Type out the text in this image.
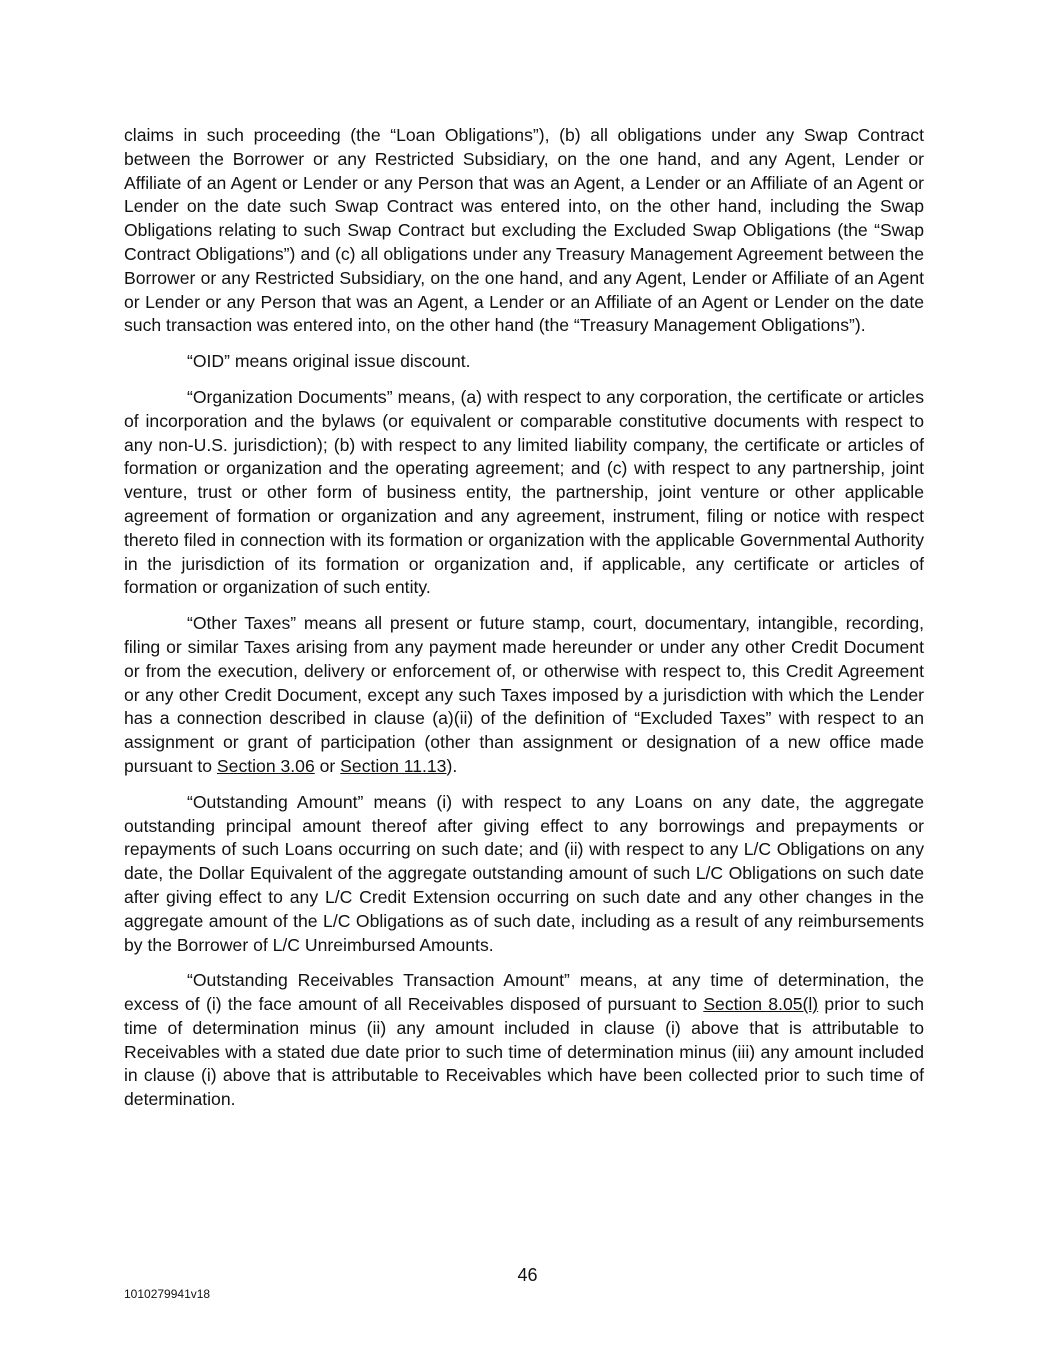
claims in such proceeding (the “Loan Obligations”), (b) all obligations under any Swap Contract between the Borrower or any Restricted Subsidiary, on the one hand, and any Agent, Lender or Affiliate of an Agent or Lender or any Person that was an Agent, a Lender or an Affiliate of an Agent or Lender on the date such Swap Contract was entered into, on the other hand, including the Swap Obligations relating to such Swap Contract but excluding the Excluded Swap Obligations (the “Swap Contract Obligations”) and (c) all obligations under any Treasury Management Agreement between the Borrower or any Restricted Subsidiary, on the one hand, and any Agent, Lender or Affiliate of an Agent or Lender or any Person that was an Agent, a Lender or an Affiliate of an Agent or Lender on the date such transaction was entered into, on the other hand (the “Treasury Management Obligations”).

“OID” means original issue discount.

“Organization Documents” means, (a) with respect to any corporation, the certificate or articles of incorporation and the bylaws (or equivalent or comparable constitutive documents with respect to any non-U.S. jurisdiction); (b) with respect to any limited liability company, the certificate or articles of formation or organization and the operating agreement; and (c) with respect to any partnership, joint venture, trust or other form of business entity, the partnership, joint venture or other applicable agreement of formation or organization and any agreement, instrument, filing or notice with respect thereto filed in connection with its formation or organization with the applicable Governmental Authority in the jurisdiction of its formation or organization and, if applicable, any certificate or articles of formation or organization of such entity.

“Other Taxes” means all present or future stamp, court, documentary, intangible, recording, filing or similar Taxes arising from any payment made hereunder or under any other Credit Document or from the execution, delivery or enforcement of, or otherwise with respect to, this Credit Agreement or any other Credit Document, except any such Taxes imposed by a jurisdiction with which the Lender has a connection described in clause (a)(ii) of the definition of “Excluded Taxes” with respect to an assignment or grant of participation (other than assignment or designation of a new office made pursuant to Section 3.06 or Section 11.13).

“Outstanding Amount” means (i) with respect to any Loans on any date, the aggregate outstanding principal amount thereof after giving effect to any borrowings and prepayments or repayments of such Loans occurring on such date; and (ii) with respect to any L/C Obligations on any date, the Dollar Equivalent of the aggregate outstanding amount of such L/C Obligations on such date after giving effect to any L/C Credit Extension occurring on such date and any other changes in the aggregate amount of the L/C Obligations as of such date, including as a result of any reimbursements by the Borrower of L/C Unreimbursed Amounts.

“Outstanding Receivables Transaction Amount” means, at any time of determination, the excess of (i) the face amount of all Receivables disposed of pursuant to Section 8.05(l) prior to such time of determination minus (ii) any amount included in clause (i) above that is attributable to Receivables with a stated due date prior to such time of determination minus (iii) any amount included in clause (i) above that is attributable to Receivables which have been collected prior to such time of determination.

46
1010279941v18
